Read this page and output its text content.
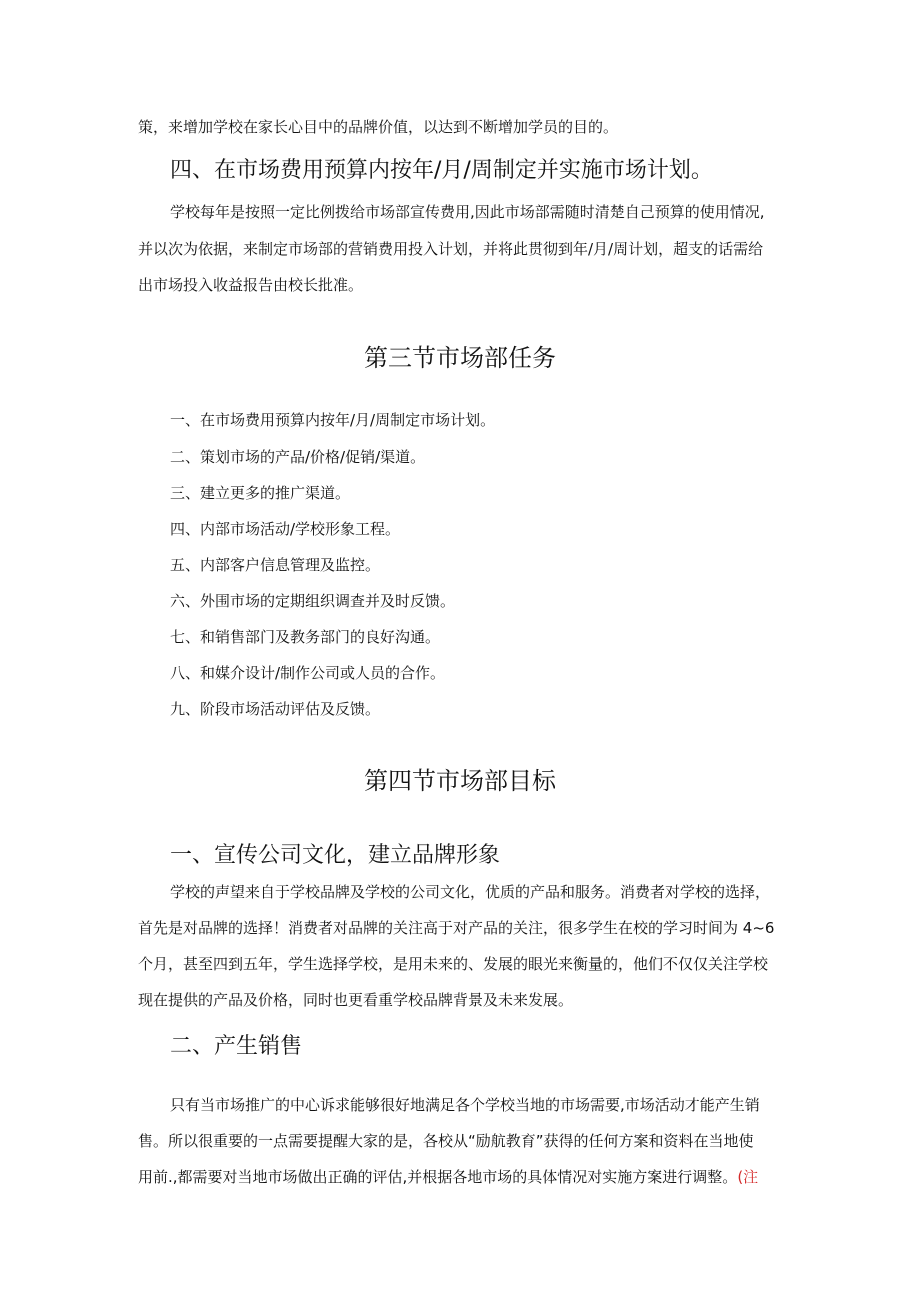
策，来增加学校在家长心目中的品牌价值，以达到不断增加学员的目的。
四、在市场费用预算内按年/月/周制定并实施市场计划。
学校每年是按照一定比例拨给市场部宣传费用,因此市场部需随时清楚自己预算的使用情况,
并以次为依据，来制定市场部的营销费用投入计划，并将此贯彻到年/月/周计划，超支的话需给
出市场投入收益报告由校长批准。
第三节市场部任务
一、在市场费用预算内按年/月/周制定市场计划。
二、策划市场的产品/价格/促销/渠道。
三、建立更多的推广渠道。
四、内部市场活动/学校形象工程。
五、内部客户信息管理及监控。
六、外围市场的定期组织调查并及时反馈。
七、和销售部门及教务部门的良好沟通。
八、和媒介设计/制作公司或人员的合作。
九、阶段市场活动评估及反馈。
第四节市场部目标
一、宣传公司文化，建立品牌形象
学校的声望来自于学校品牌及学校的公司文化，优质的产品和服务。消费者对学校的选择，
首先是对品牌的选择！消费者对品牌的关注高于对产品的关注，很多学生在校的学习时间为 4~6
个月，甚至四到五年，学生选择学校，是用未来的、发展的眼光来衡量的，他们不仅仅关注学校
现在提供的产品及价格，同时也更看重学校品牌背景及未来发展。
二、产生销售
只有当市场推广的中心诉求能够很好地满足各个学校当地的市场需要,市场活动才能产生销
售。所以很重要的一点需要提醒大家的是，各校从“励航教育”获得的任何方案和资料在当地使
用前.,都需要对当地市场做出正确的评估,并根据各地市场的具体情况对实施方案进行调整。(注
